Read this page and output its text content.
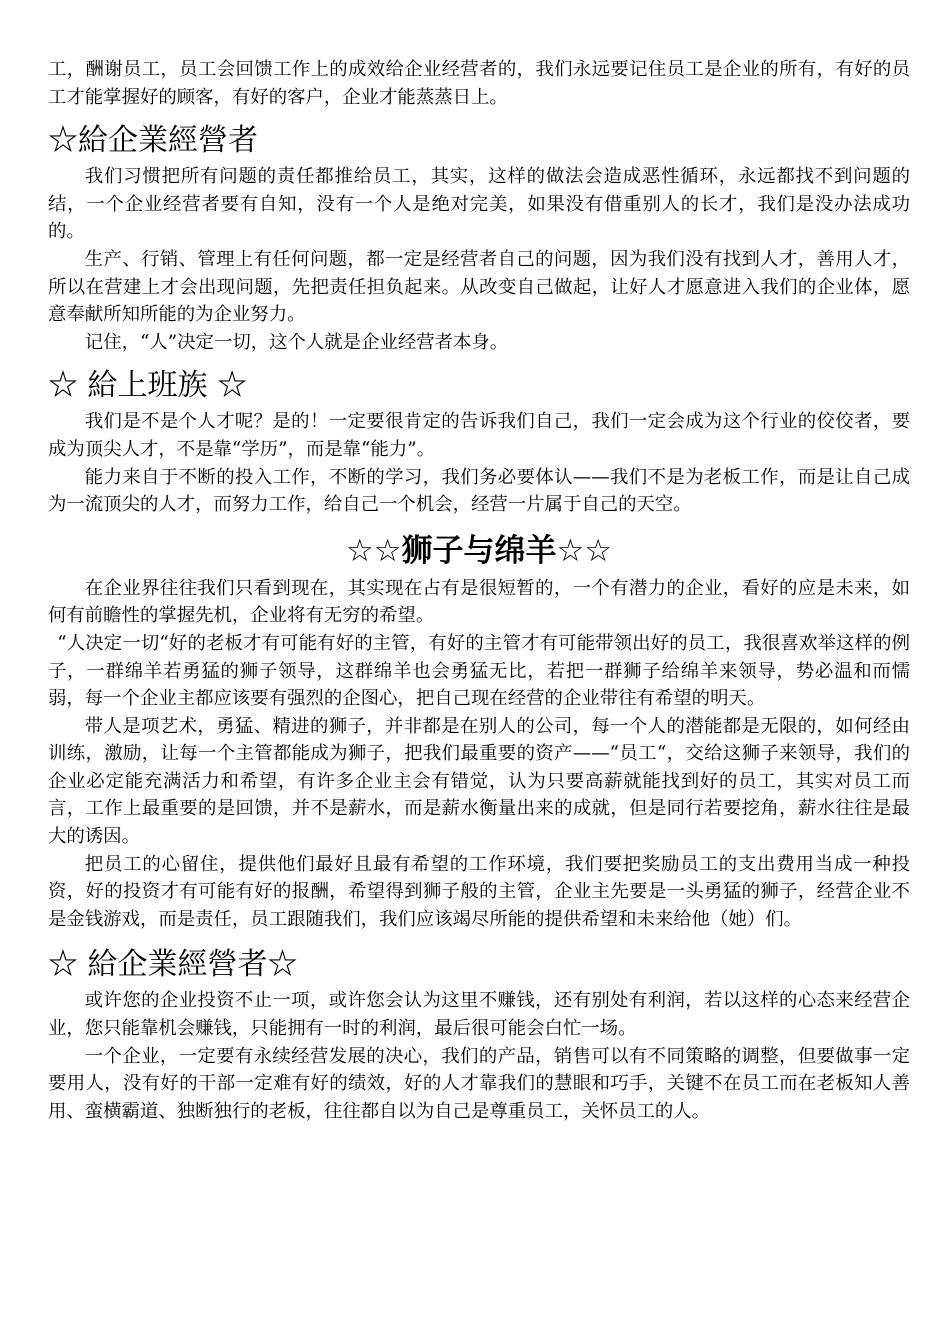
工，酬谢员工，员工会回馈工作上的成效给企业经营者的，我们永远要记住员工是企业的所有，有好的员工才能掌握好的顾客，有好的客户，企业才能蒸蒸日上。

☆給企業經營者

我们习惯把所有问题的责任都推给员工，其实，这样的做法会造成恶性循环，永远都找不到问题的结，一个企业经营者要有自知，没有一个人是绝对完美，如果没有借重别人的长才，我们是没办法成功的。

生产、行销、管理上有任何问题，都一定是经营者自己的问题，因为我们没有找到人才，善用人才，所以在营建上才会出现问题，先把责任担负起来。从改变自己做起，让好人才愿意进入我们的企业体，愿意奉献所知所能的为企业努力。

记住，“人”决定一切，这个人就是企业经营者本身。

☆ 給上班族 ☆

我们是不是个人才呢？是的！一定要很肯定的告诉我们自己，我们一定会成为这个行业的佼佼者，要成为顶尖人才，不是靠“学历”，而是靠“能力”。

能力来自于不断的投入工作，不断的学习，我们务必要体认——我们不是为老板工作，而是让自己成为一流顶尖的人才，而努力工作，给自己一个机会，经营一片属于自己的天空。

☆☆狮子与绵羊☆☆

在企业界往往我们只看到现在，其实现在占有是很短暂的，一个有潜力的企业，看好的应是未来，如何有前瞻性的掌握先机，企业将有无穷的希望。

“人决定一切“好的老板才有可能有好的主管，有好的主管才有可能带领出好的员工，我很喜欢举这样的例子，一群绵羊若勇猛的狮子领导，这群绵羊也会勇猛无比，若把一群狮子给绵羊来领导，势必温和而懦弱，每一个企业主都应该要有强烈的企图心，把自己现在经营的企业带往有希望的明天。

带人是项艺术，勇猛、精进的狮子，并非都是在别人的公司，每一个人的潜能都是无限的，如何经由训练，激励，让每一个主管都能成为狮子，把我们最重要的资产——“员工“，交给这狮子来领导，我们的企业必定能充满活力和希望，有许多企业主会有错觉，认为只要高薪就能找到好的员工，其实对员工而言，工作上最重要的是回馈，并不是薪水，而是薪水衡量出来的成就，但是同行若要挖角，薪水往往是最大的诱因。

把员工的心留住，提供他们最好且最有希望的工作环境，我们要把奖励员工的支出费用当成一种投资，好的投资才有可能有好的报酬，希望得到狮子般的主管，企业主先要是一头勇猛的狮子，经营企业不是金钱游戏，而是责任，员工跟随我们，我们应该竭尽所能的提供希望和未来给他（她）们。

☆ 給企業經營者☆

或许您的企业投资不止一项，或许您会认为这里不赚钱，还有别处有利润，若以这样的心态来经营企业，您只能靠机会赚钱，只能拥有一时的利润，最后很可能会白忙一场。

一个企业，一定要有永续经营发展的决心，我们的产品，销售可以有不同策略的调整，但要做事一定要用人，没有好的干部一定难有好的绩效，好的人才靠我们的慧眼和巧手，关键不在员工而在老板知人善用、蛮横霸道、独断独行的老板，往往都自以为自己是尊重员工，关怀员工的人。
